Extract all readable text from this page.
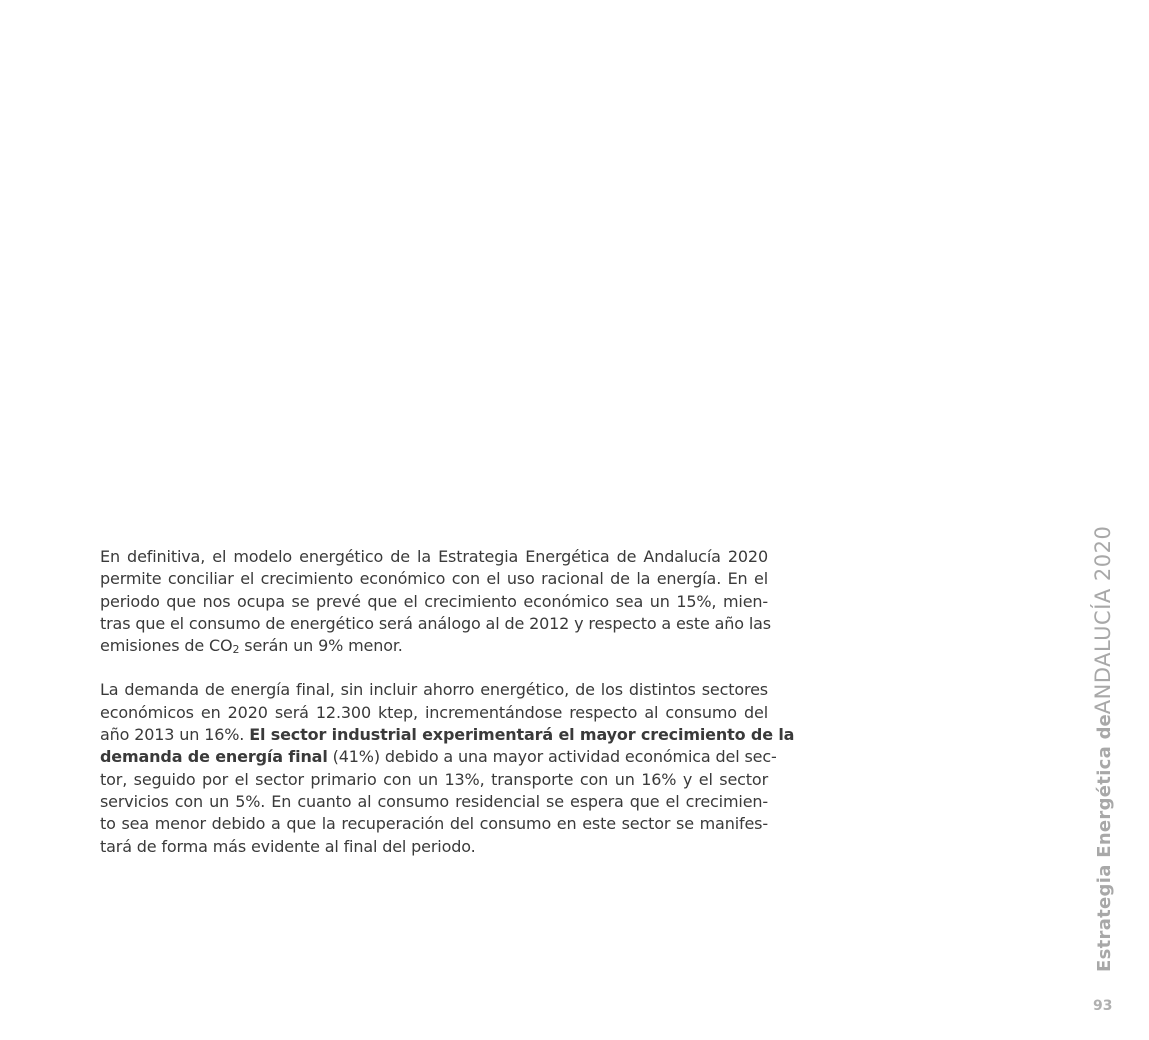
En definitiva, el modelo energético de la Estrategia Energética de Andalucía 2020
permite conciliar el crecimiento económico con el uso racional de la energía. En el
periodo que nos ocupa se prevé que el crecimiento económico sea un 15%, mien-
tras que el consumo de energético será análogo al de 2012 y respecto a este año las
emisiones de $CO_2$ serán un 9% menor.

La demanda de energía final, sin incluir ahorro energético, de los distintos sectores
económicos en 2020 será 12.300 ktep, incrementándose respecto al consumo del
año 2013 un 16%. El sector industrial experimentará el mayor crecimiento de la
demanda de energía final (41%) debido a una mayor actividad económica del sec-
tor, seguido por el sector primario con un 13%, transporte con un 16% y el sector
servicios con un 5%. En cuanto al consumo residencial se espera que el crecimien-
to sea menor debido a que la recuperación del consumo en este sector se manifes-
tará de forma más evidente al final del periodo.	Estrategia Energética deANDALUCÍA 2020
93
